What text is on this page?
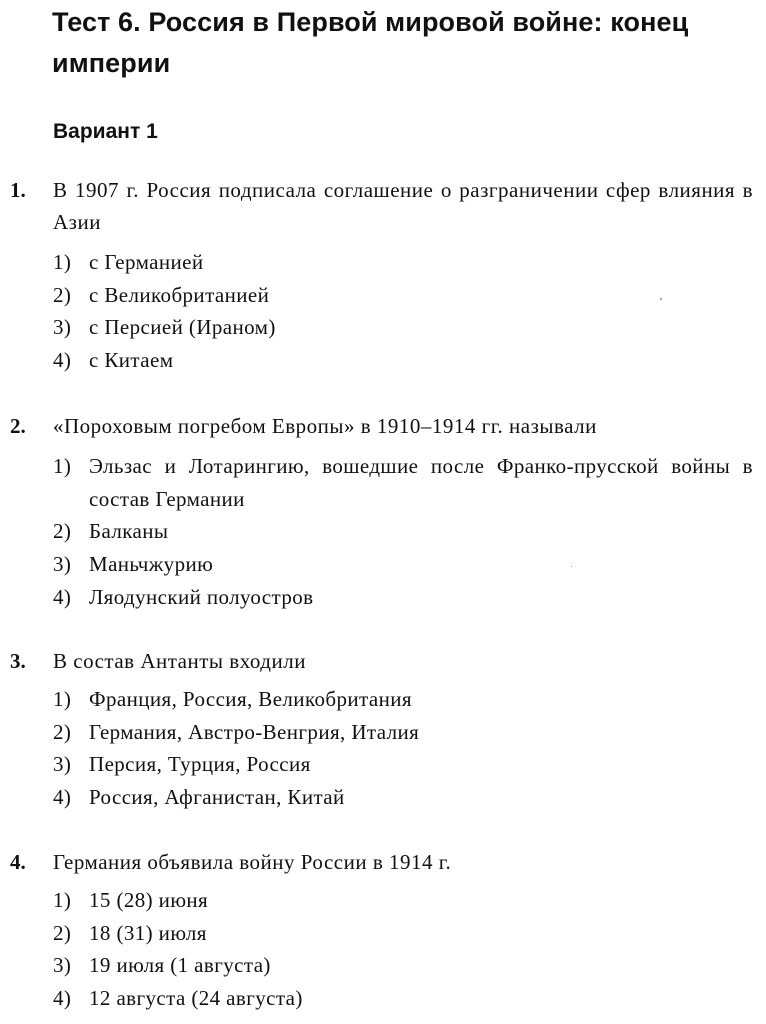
Тест 6. Россия в Первой мировой войне: конец империи
Вариант 1
1. В 1907 г. Россия подписала соглашение о разграничении сфер влияния в Азии
1) с Германией
2) с Великобританией
3) с Персией (Ираном)
4) с Китаем
2. «Пороховым погребом Европы» в 1910–1914 гг. называли
1) Эльзас и Лотарингию, вошедшие после Франко-прусской войны в состав Германии
2) Балканы
3) Маньчжурию
4) Ляодунский полуостров
3. В состав Антанты входили
1) Франция, Россия, Великобритания
2) Германия, Австро-Венгрия, Италия
3) Персия, Турция, Россия
4) Россия, Афганистан, Китай
4. Германия объявила войну России в 1914 г.
1) 15 (28) июня
2) 18 (31) июля
3) 19 июля (1 августа)
4) 12 августа (24 августа)
